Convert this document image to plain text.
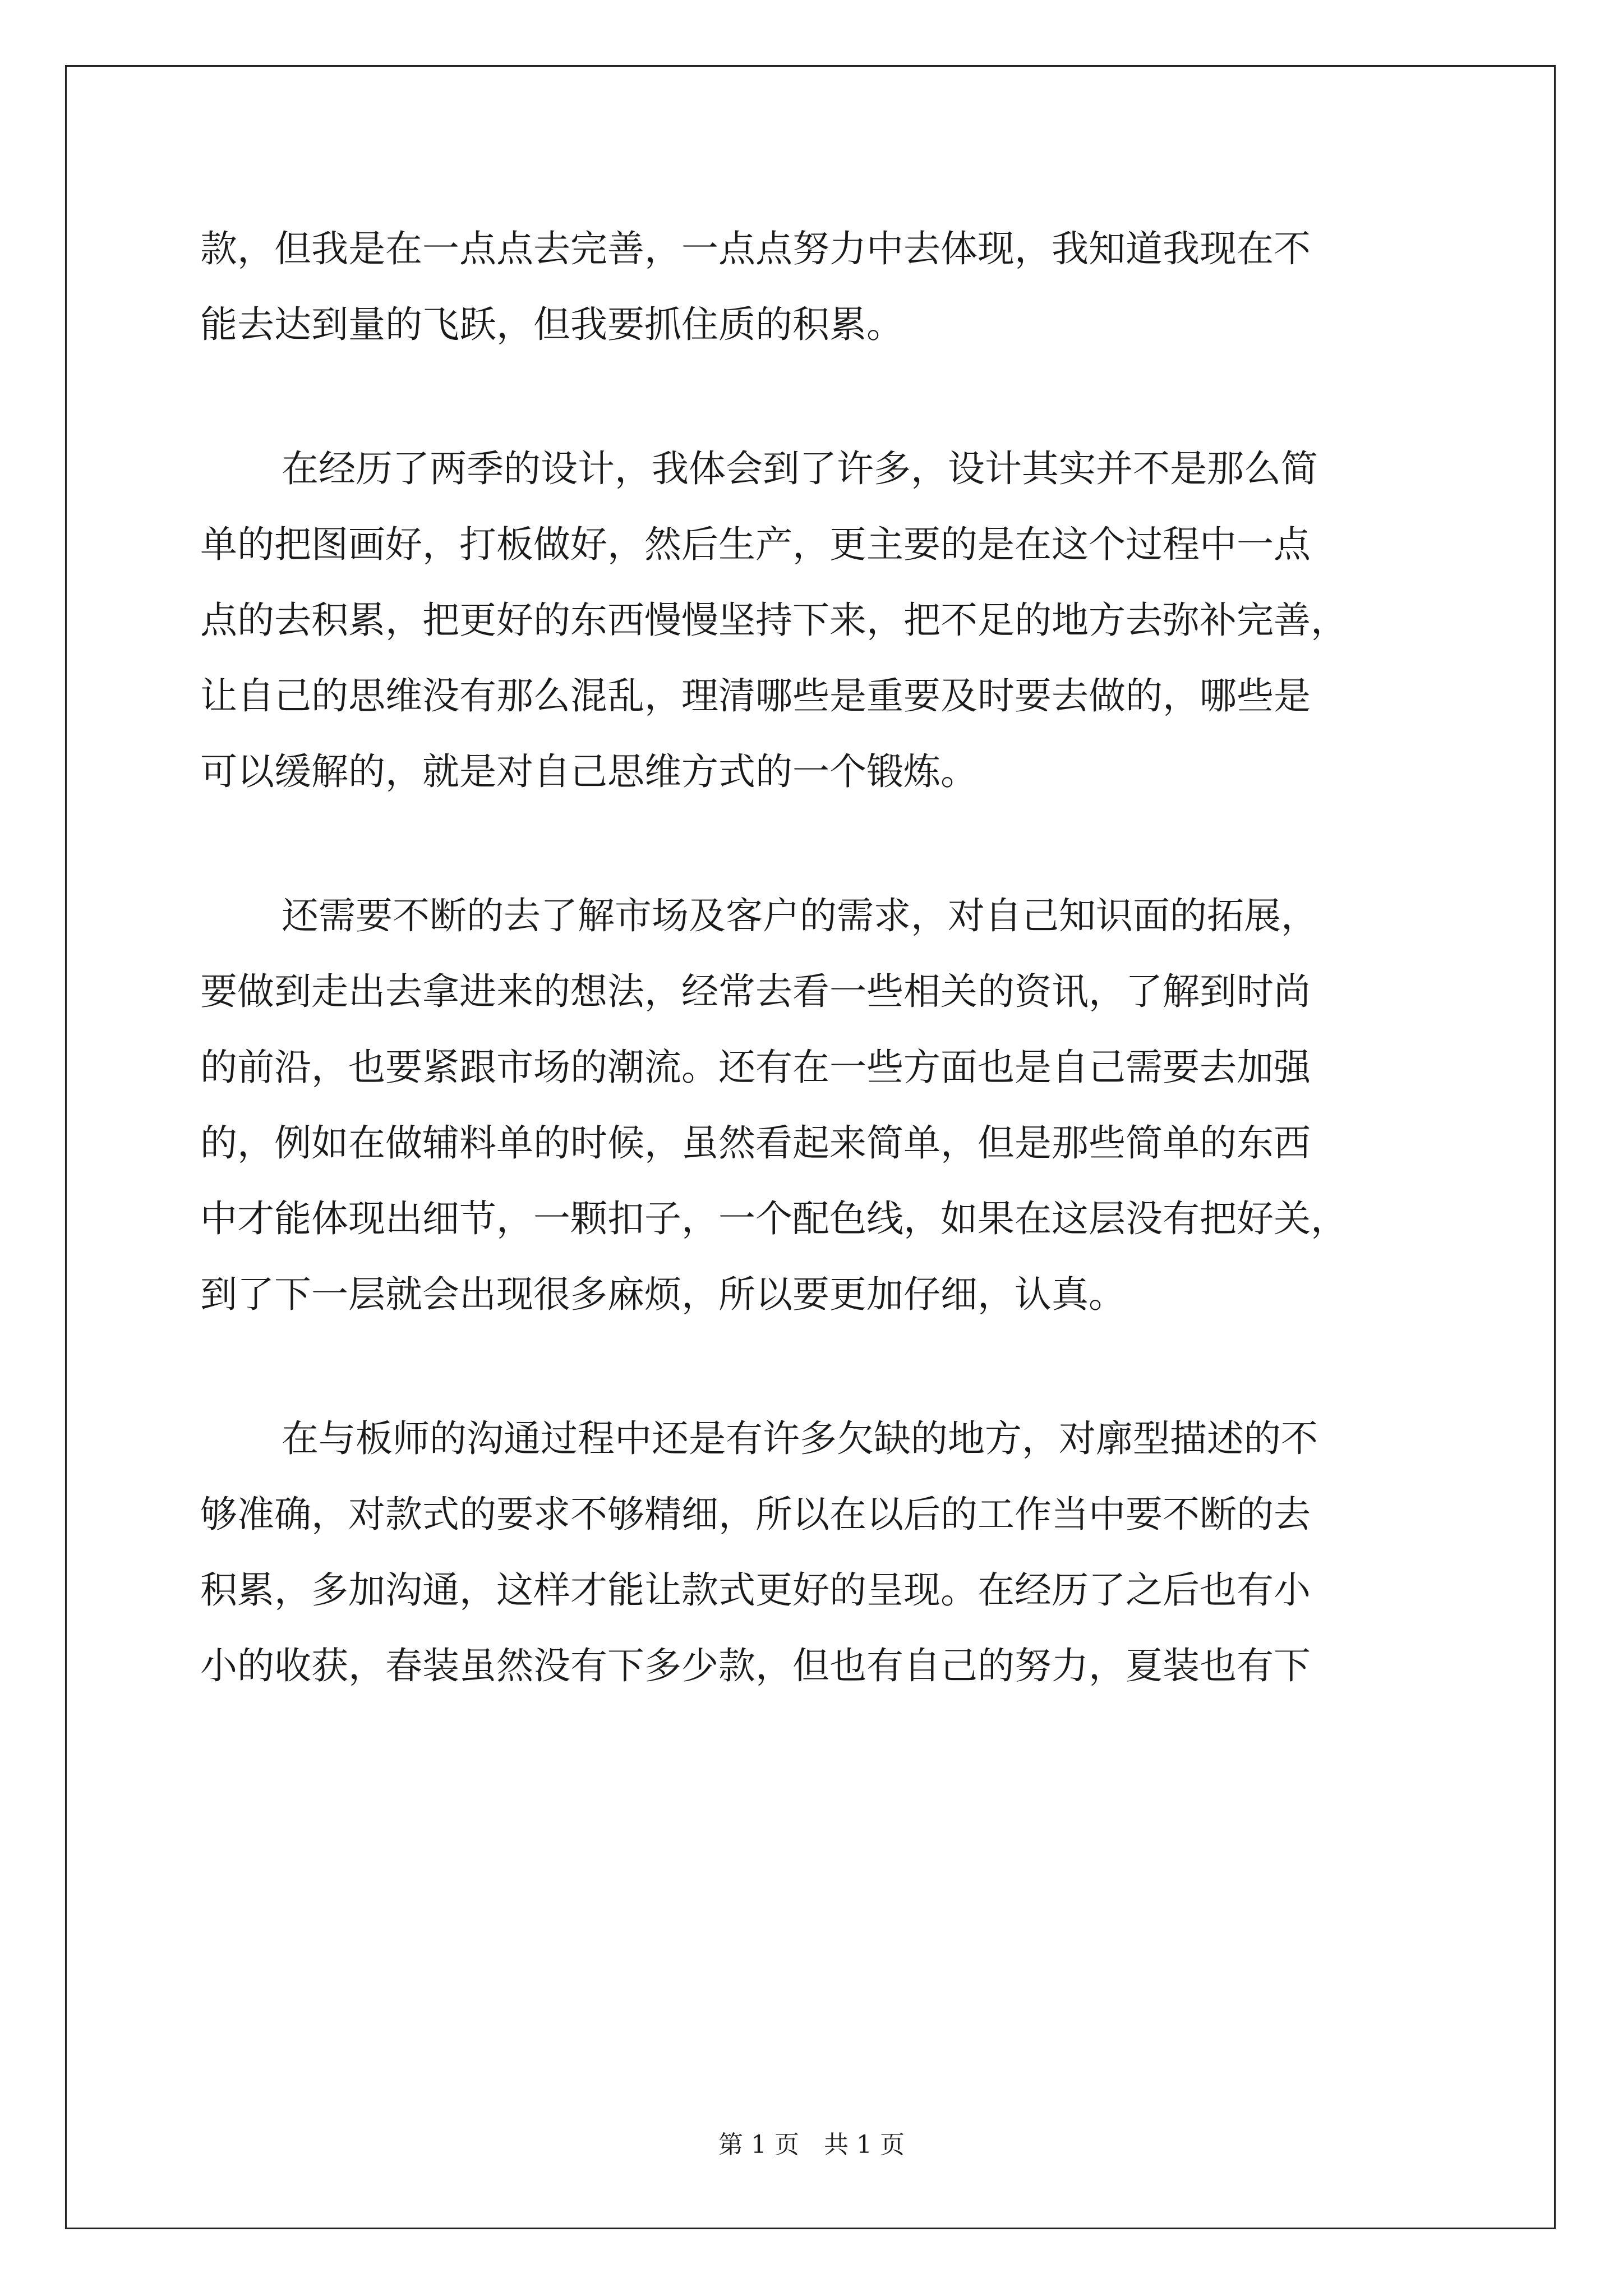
款，但我是在一点点去完善，一点点努力中去体现，我知道我现在不
能去达到量的飞跃，但我要抓住质的积累。
在经历了两季的设计，我体会到了许多，设计其实并不是那么简
单的把图画好，打板做好，然后生产，更主要的是在这个过程中一点
点的去积累，把更好的东西慢慢坚持下来，把不足的地方去弥补完善，
让自己的思维没有那么混乱，理清哪些是重要及时要去做的，哪些是
可以缓解的，就是对自己思维方式的一个锻炼。
还需要不断的去了解市场及客户的需求，对自己知识面的拓展，
要做到走出去拿进来的想法，经常去看一些相关的资讯，了解到时尚
的前沿，也要紧跟市场的潮流。还有在一些方面也是自己需要去加强
的，例如在做辅料单的时候，虽然看起来简单，但是那些简单的东西
中才能体现出细节，一颗扣子，一个配色线，如果在这层没有把好关，
到了下一层就会出现很多麻烦，所以要更加仔细，认真。
在与板师的沟通过程中还是有许多欠缺的地方，对廓型描述的不
够准确，对款式的要求不够精细，所以在以后的工作当中要不断的去
积累，多加沟通，这样才能让款式更好的呈现。在经历了之后也有小
小的收获，春装虽然没有下多少款，但也有自己的努力，夏装也有下
第 1 页　共 1 页
